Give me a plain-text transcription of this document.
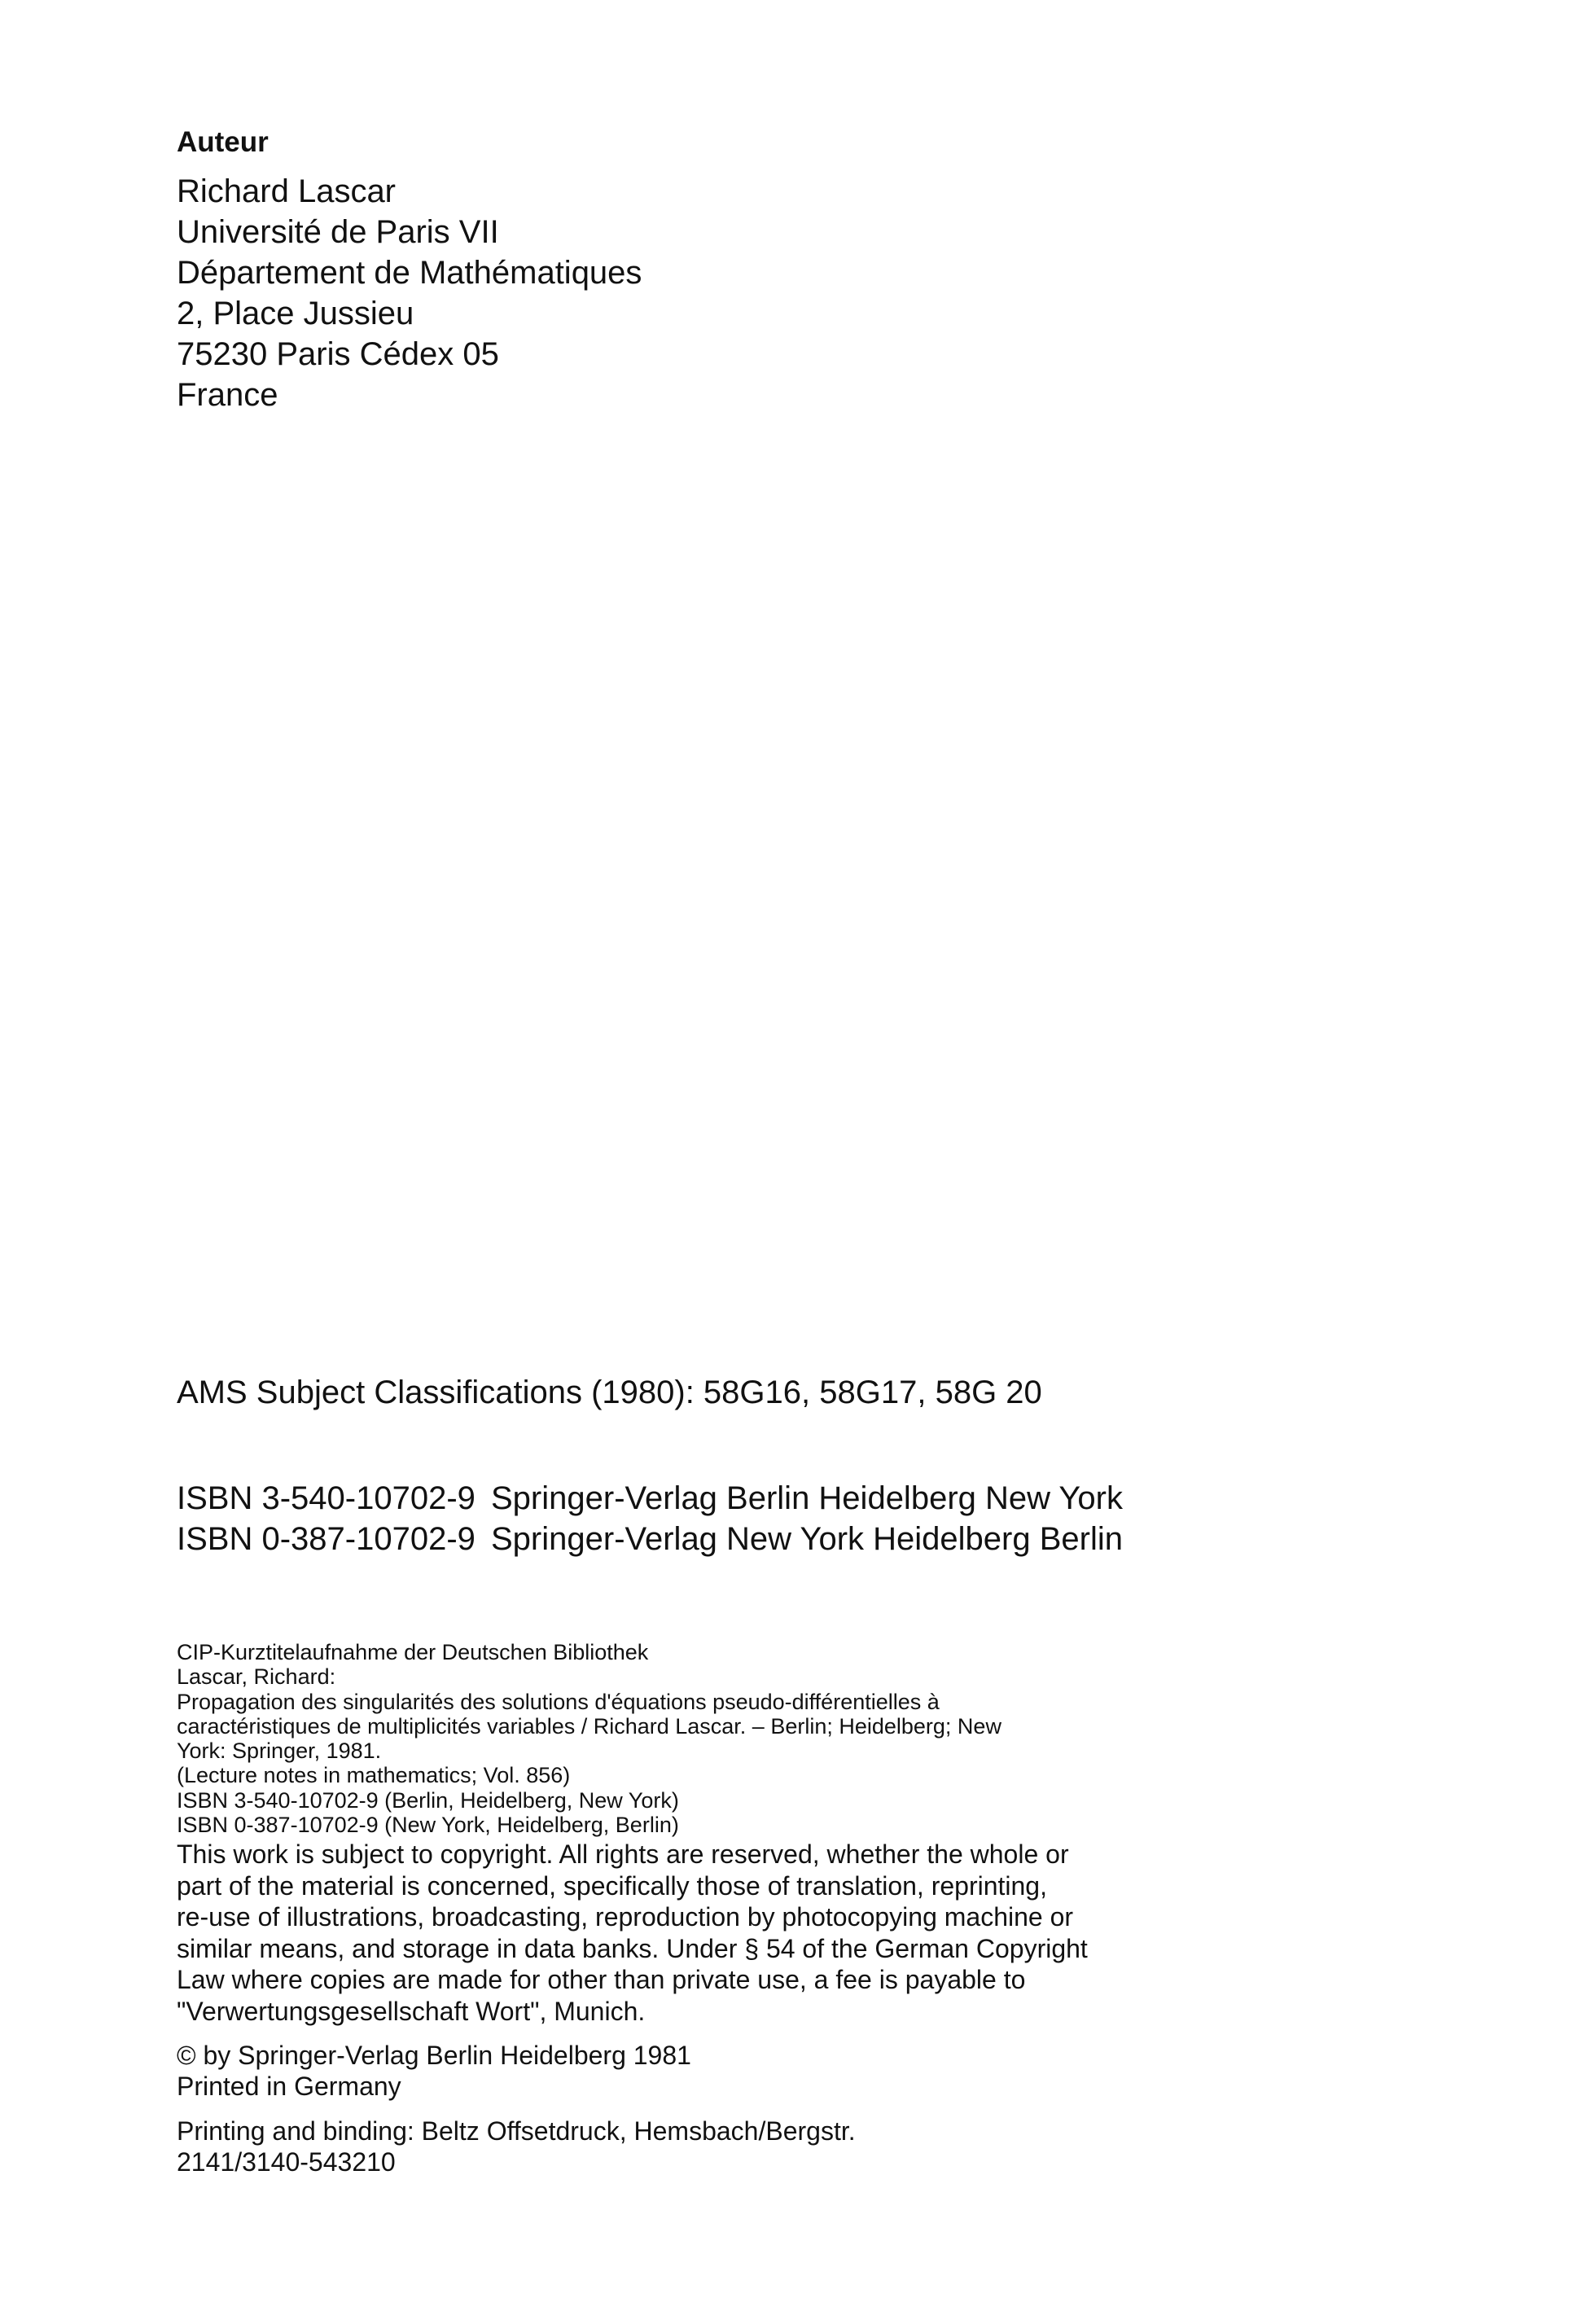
Auteur
Richard Lascar
Université de Paris VII
Département de Mathématiques
2, Place Jussieu
75230 Paris Cédex 05
France
AMS Subject Classifications (1980): 58G16, 58G17, 58G 20
ISBN 3-540-10702-9 Springer-Verlag Berlin Heidelberg New York
ISBN 0-387-10702-9 Springer-Verlag New York Heidelberg Berlin
CIP-Kurztitelaufnahme der Deutschen Bibliothek
Lascar, Richard:
Propagation des singularités des solutions d'équations pseudo-différentielles à
caractéristiques de multiplicités variables / Richard Lascar. – Berlin; Heidelberg; New
York: Springer, 1981.
(Lecture notes in mathematics; Vol. 856)
ISBN 3-540-10702-9 (Berlin, Heidelberg, New York)
ISBN 0-387-10702-9 (New York, Heidelberg, Berlin)
This work is subject to copyright. All rights are reserved, whether the whole or
part of the material is concerned, specifically those of translation, reprinting,
re-use of illustrations, broadcasting, reproduction by photocopying machine or
similar means, and storage in data banks. Under § 54 of the German Copyright
Law where copies are made for other than private use, a fee is payable to
"Verwertungsgesellschaft Wort", Munich.
© by Springer-Verlag Berlin Heidelberg 1981
Printed in Germany
Printing and binding: Beltz Offsetdruck, Hemsbach/Bergstr.
2141/3140-543210
